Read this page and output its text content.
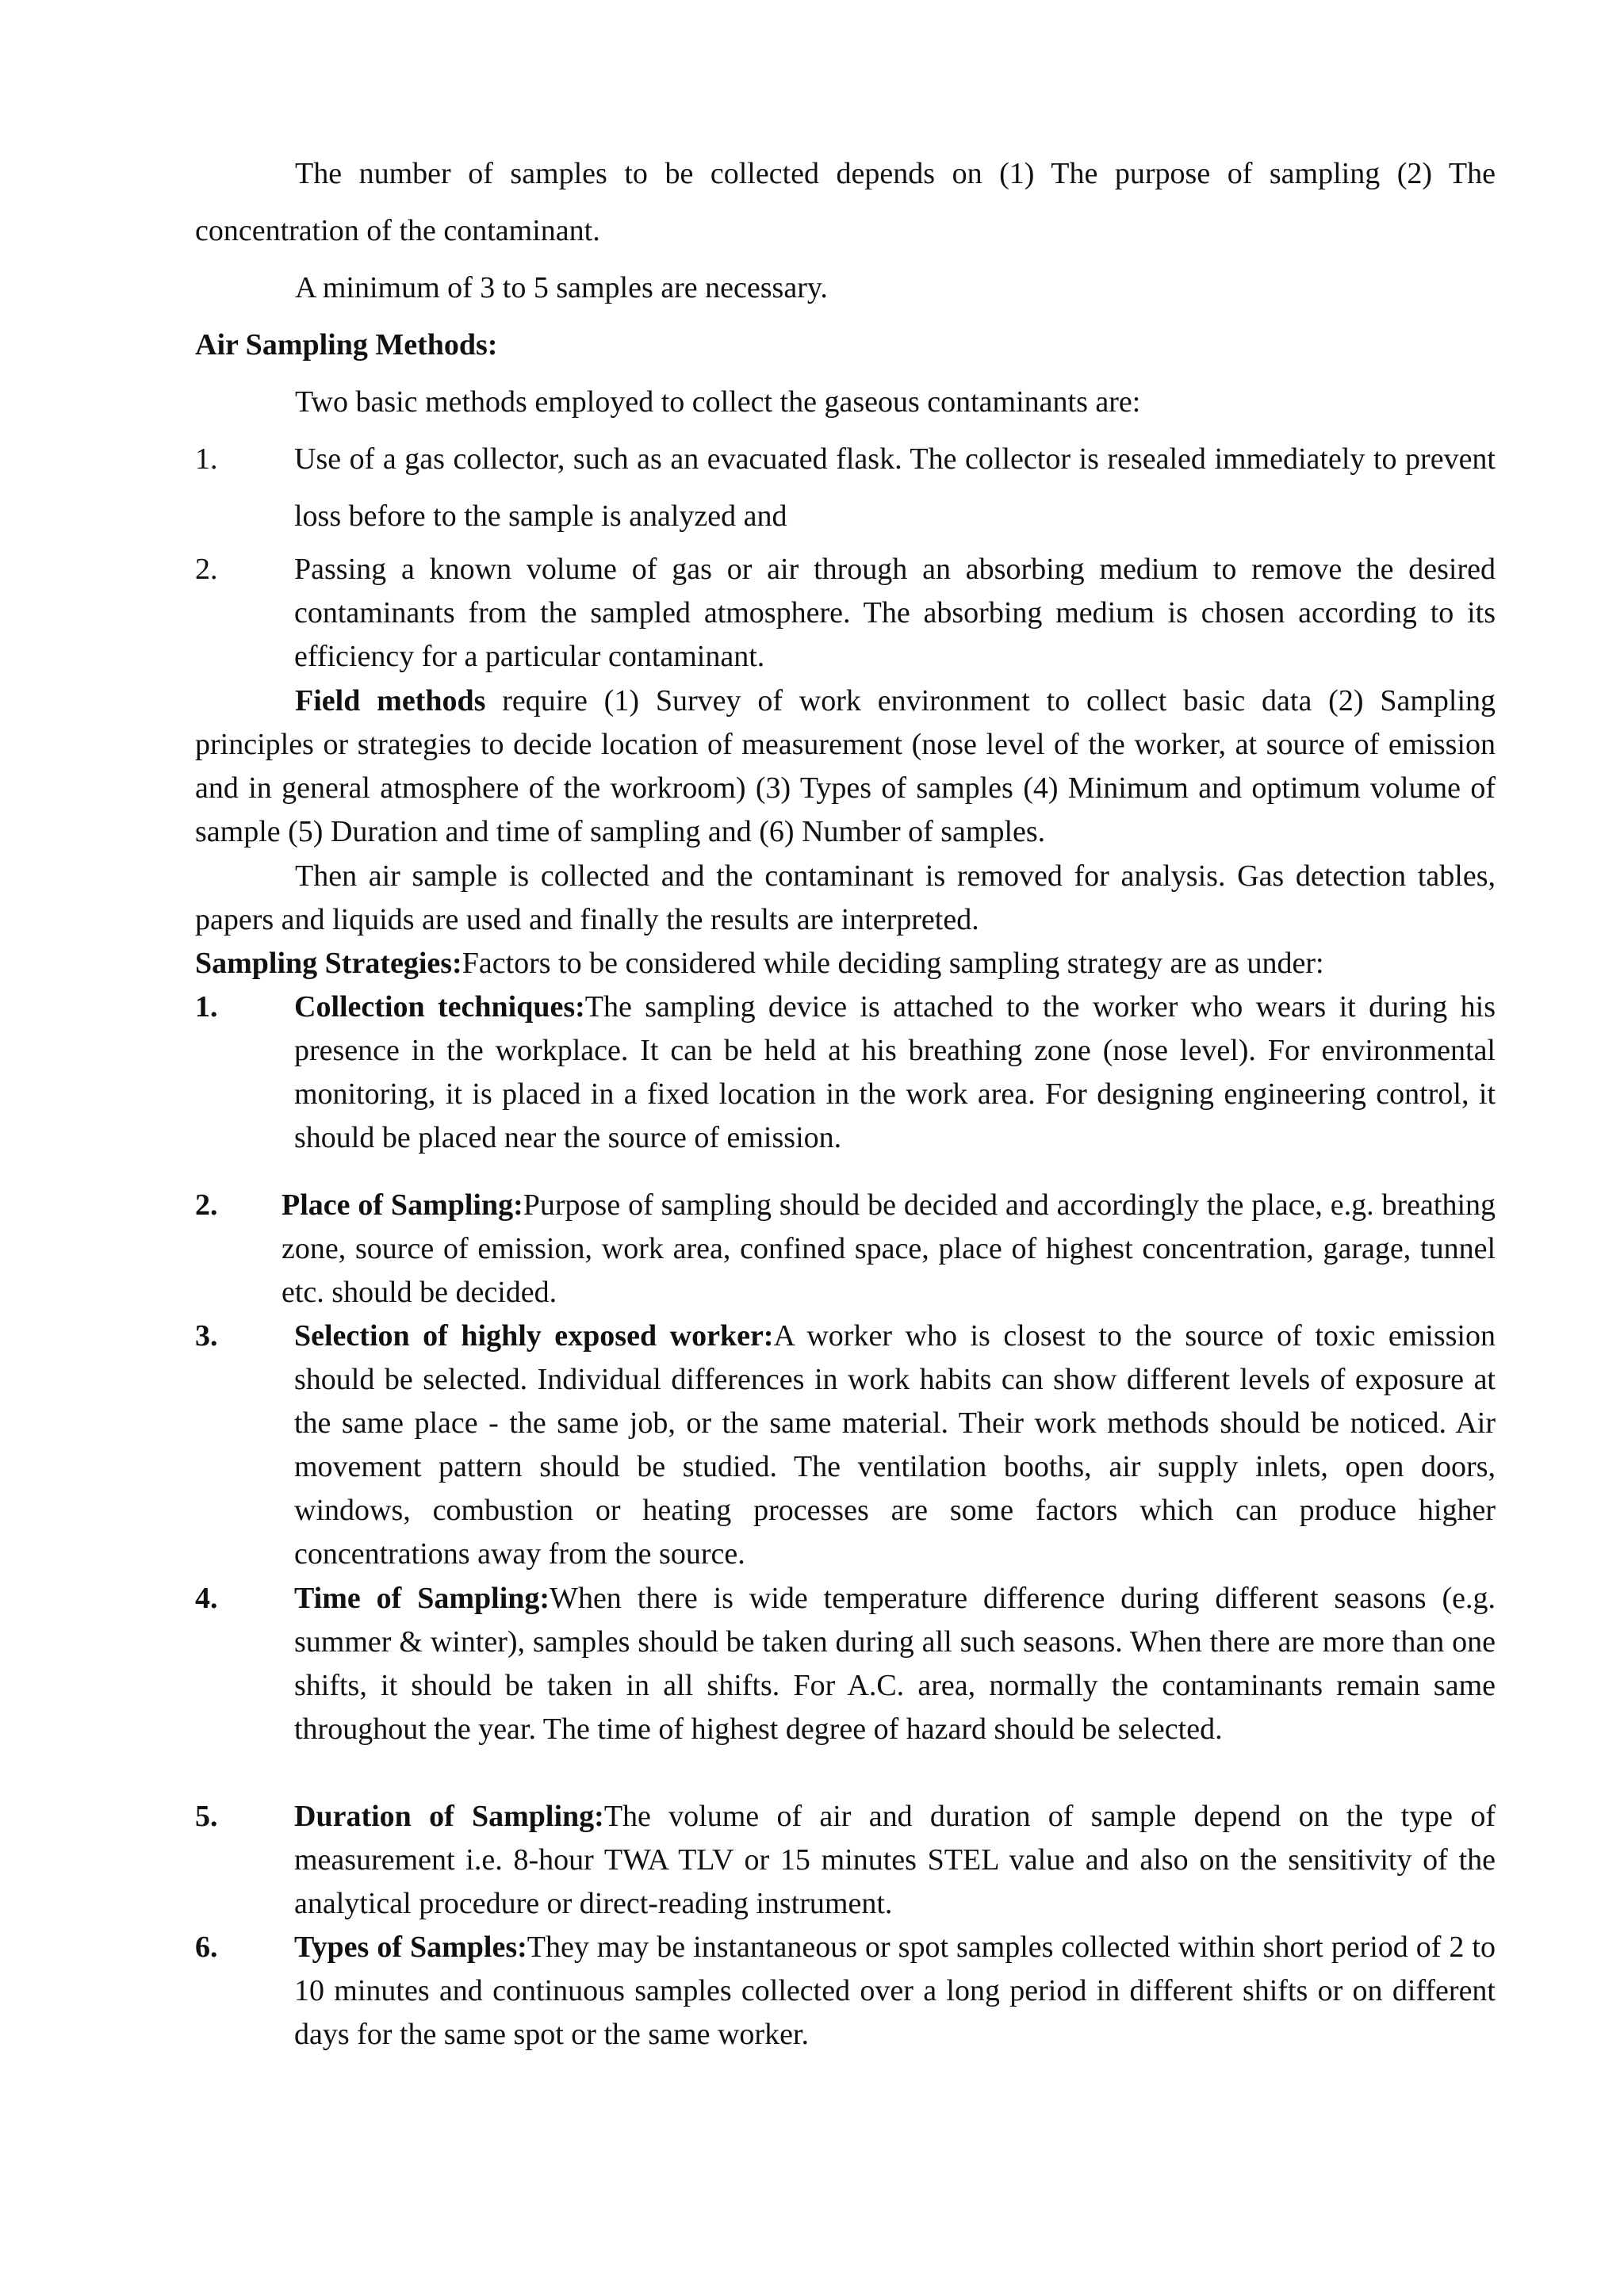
The number of samples to be collected depends on (1) The purpose of sampling (2) The concentration of the contaminant.

A minimum of 3 to 5 samples are necessary.

Air Sampling Methods:

Two basic methods employed to collect the gaseous contaminants are:

1.	Use of a gas collector, such as an evacuated flask. The collector is resealed immediately to prevent loss before to the sample is analyzed and

2.	Passing a known volume of gas or air through an absorbing medium to remove the desired contaminants from the sampled atmosphere. The absorbing medium is chosen according to its efficiency for a particular contaminant.

Field methods require (1) Survey of work environment to collect basic data (2) Sampling principles or strategies to decide location of measurement (nose level of the worker, at source of emission and in general atmosphere of the workroom) (3) Types of samples (4) Minimum and optimum volume of sample (5) Duration and time of sampling and (6) Number of samples.

Then air sample is collected and the contaminant is removed for analysis. Gas detection tables, papers and liquids are used and finally the results are interpreted.

Sampling Strategies:Factors to be considered while deciding sampling strategy are as under:

1.	Collection techniques:The sampling device is attached to the worker who wears it during his presence in the workplace. It can be held at his breathing zone (nose level). For environmental monitoring, it is placed in a fixed location in the work area. For designing engineering control, it should be placed near the source of emission.

2. Place of Sampling:Purpose of sampling should be decided and accordingly the place, e.g. breathing zone, source of emission, work area, confined space, place of highest concentration, garage, tunnel etc. should be decided.

3.	Selection of highly exposed worker:A worker who is closest to the source of toxic emission should be selected. Individual differences in work habits can show different levels of exposure at the same place - the same job, or the same material. Their work methods should be noticed. Air movement pattern should be studied. The ventilation booths, air supply inlets, open doors, windows, combustion or heating processes are some factors which can produce higher concentrations away from the source.

4.	Time of Sampling:When there is wide temperature difference during different seasons (e.g. summer & winter), samples should be taken during all such seasons. When there are more than one shifts, it should be taken in all shifts. For A.C. area, normally the contaminants remain same throughout the year. The time of highest degree of hazard should be selected.

5.	Duration of Sampling:The volume of air and duration of sample depend on the type of measurement i.e. 8-hour TWA TLV or 15 minutes STEL value and also on the sensitivity of the analytical procedure or direct-reading instrument.

6.	Types of Samples:They may be instantaneous or spot samples collected within short period of 2 to 10 minutes and continuous samples collected over a long period in different shifts or on different days for the same spot or the same worker.
